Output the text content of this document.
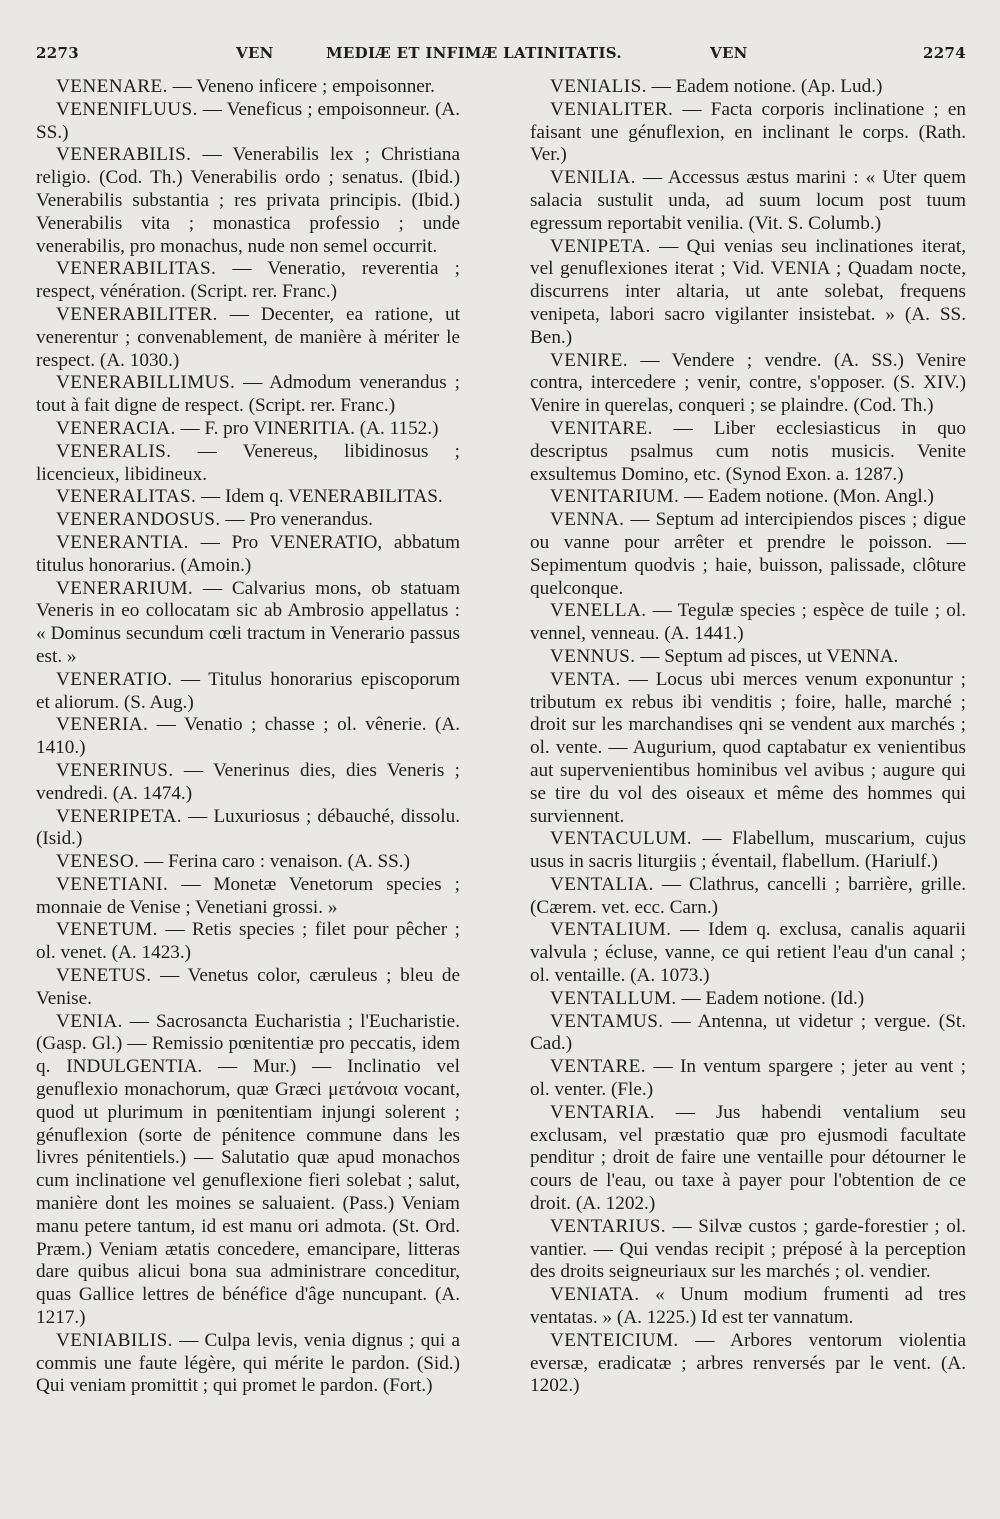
2273	VEN	MEDIÆ ET INFIMÆ LATINITATIS.	VEN	2274

VENENARE. — Veneno inficere ; empoisonner.

VENENIFLUUS. — Veneficus ; empoisonneur. (A. SS.)

VENERABILIS. — Venerabilis lex ; Christiana religio. (Cod. Th.) Venerabilis ordo ; senatus. (Ibid.) Venerabilis substantia ; res privata principis. (Ibid.) Venerabilis vita ; monastica professio ; unde venerabilis, pro monachus, nude non semel occurrit.

VENERABILITAS. — Veneratio, reverentia ; respect, vénération. (Script. rer. Franc.)

VENERABILITER. — Decenter, ea ratione, ut venerentur ; convenablement, de manière à mériter le respect. (A. 1030.)

VENERABILLIMUS. — Admodum venerandus ; tout à fait digne de respect. (Script. rer. Franc.)

VENERACIA. — F. pro VINERITIA. (A. 1152.)

VENERALIS. — Venereus, libidinosus ; licencieux, libidineux.

VENERALITAS. — Idem q. VENERABILITAS.

VENERANDOSUS. — Pro venerandus.

VENERANTIA. — Pro VENERATIO, abbatum titulus honorarius. (Amoin.)

VENERARIUM. — Calvarius mons, ob statuam Veneris in eo collocatam sic ab Ambrosio appellatus : « Dominus secundum cœli tractum in Venerario passus est. »

VENERATIO. — Titulus honorarius episcoporum et aliorum. (S. Aug.)

VENERIA. — Venatio ; chasse ; ol. vênerie. (A. 1410.)

VENERINUS. — Venerinus dies, dies Veneris ; vendredi. (A. 1474.)

VENERIPETA. — Luxuriosus ; débauché, dissolu. (Isid.)

VENESO. — Ferina caro : venaison. (A. SS.)

VENETIANI. — Monetæ Venetorum species ; monnaie de Venise ; Venetiani grossi. »

VENETUM. — Retis species ; filet pour pêcher ; ol. venet. (A. 1423.)

VENETUS. — Venetus color, cæruleus ; bleu de Venise.

VENIA. — Sacrosancta Eucharistia ; l'Eucharistie. (Gasp. Gl.) — Remissio pœnitentiæ pro peccatis, idem q. INDULGENTIA. — Mur.) — Inclinatio vel genuflexio monachorum, quæ Græci μετάνοια vocant, quod ut plurimum in pœnitentiam injungi solerent ; génuflexion (sorte de pénitence commune dans les livres pénitentiels.) — Salutatio quæ apud monachos cum inclinatione vel genuflexione fieri solebat ; salut, manière dont les moines se saluaient. (Pass.) Veniam manu petere tantum, id est manu ori admota. (St. Ord. Præm.) Veniam ætatis concedere, emancipare, litteras dare quibus alicui bona sua administrare conceditur, quas Gallice lettres de bénéfice d'âge nuncupant. (A. 1217.)

VENIABILIS. — Culpa levis, venia dignus ; qui a commis une faute légère, qui mérite le pardon. (Sid.) Qui veniam promittit ; qui promet le pardon. (Fort.)

VENIALIS. — Eadem notione. (Ap. Lud.)

VENIALITER. — Facta corporis inclinatione ; en faisant une génuflexion, en inclinant le corps. (Rath. Ver.)

VENILIA. — Accessus æstus marini : « Uter quem salacia sustulit unda, ad suum locum post tuum egressum reportabit venilia. (Vit. S. Columb.)

VENIPETA. — Qui venias seu inclinationes iterat, vel genuflexiones iterat ; Vid. VENIA ; Quadam nocte, discurrens inter altaria, ut ante solebat, frequens venipeta, labori sacro vigilanter insistebat. » (A. SS. Ben.)

VENIRE. — Vendere ; vendre. (A. SS.) Venire contra, intercedere ; venir, contre, s'opposer. (S. XIV.) Venire in querelas, conqueri ; se plaindre. (Cod. Th.)

VENITARE. — Liber ecclesiasticus in quo descriptus psalmus cum notis musicis. Venite exsultemus Domino, etc. (Synod Exon. a. 1287.)

VENITARIUM. — Eadem notione. (Mon. Angl.)

VENNA. — Septum ad intercipiendos pisces ; digue ou vanne pour arrêter et prendre le poisson. — Sepimentum quodvis ; haie, buisson, palissade, clôture quelconque.

VENELLA. — Tegulæ species ; espèce de tuile ; ol. vennel, venneau. (A. 1441.)

VENNUS. — Septum ad pisces, ut VENNA.

VENTA. — Locus ubi merces venum exponuntur ; tributum ex rebus ibi venditis ; foire, halle, marché ; droit sur les marchandises qni se vendent aux marchés ; ol. vente. — Augurium, quod captabatur ex venientibus aut supervenientibus hominibus vel avibus ; augure qui se tire du vol des oiseaux et même des hommes qui surviennent.

VENTACULUM. — Flabellum, muscarium, cujus usus in sacris liturgiis ; éventail, flabellum. (Hariulf.)

VENTALIA. — Clathrus, cancelli ; barrière, grille. (Cærem. vet. ecc. Carn.)

VENTALIUM. — Idem q. exclusa, canalis aquarii valvula ; écluse, vanne, ce qui retient l'eau d'un canal ; ol. ventaille. (A. 1073.)

VENTALLUM. — Eadem notione. (Id.)

VENTAMUS. — Antenna, ut videtur ; vergue. (St. Cad.)

VENTARE. — In ventum spargere ; jeter au vent ; ol. venter. (Fle.)

VENTARIA. — Jus habendi ventalium seu exclusam, vel præstatio quæ pro ejusmodi facultate penditur ; droit de faire une ventaille pour détourner le cours de l'eau, ou taxe à payer pour l'obtention de ce droit. (A. 1202.)

VENTARIUS. — Silvæ custos ; garde-forestier ; ol. vantier. — Qui vendas recipit ; préposé à la perception des droits seigneuriaux sur les marchés ; ol. vendier.

VENIATA. « Unum modium frumenti ad tres ventatas. » (A. 1225.) Id est ter vannatum.

VENTEICIUM. — Arbores ventorum violentia eversæ, eradicatæ ; arbres renversés par le vent. (A. 1202.)
